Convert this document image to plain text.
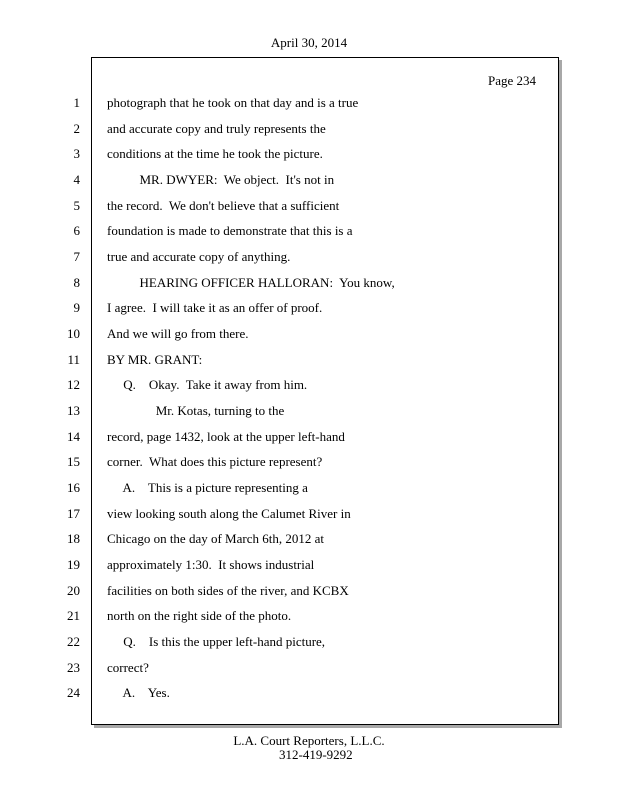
April 30, 2014
Page 234
1 photograph that he took on that day and is a true
2 and accurate copy and truly represents the
3 conditions at the time he took the picture.
4 MR. DWYER:  We object.  It's not in
5 the record.  We don't believe that a sufficient
6 foundation is made to demonstrate that this is a
7 true and accurate copy of anything.
8 HEARING OFFICER HALLORAN:  You know,
9 I agree.  I will take it as an offer of proof.
10 And we will go from there.
11 BY MR. GRANT:
12 Q.    Okay.  Take it away from him.
13 Mr. Kotas, turning to the
14 record, page 1432, look at the upper left-hand
15 corner.  What does this picture represent?
16 A.    This is a picture representing a
17 view looking south along the Calumet River in
18 Chicago on the day of March 6th, 2012 at
19 approximately 1:30.  It shows industrial
20 facilities on both sides of the river, and KCBX
21 north on the right side of the photo.
22 Q.    Is this the upper left-hand picture,
23 correct?
24 A.    Yes.
L.A. Court Reporters, L.L.C.
312-419-9292
